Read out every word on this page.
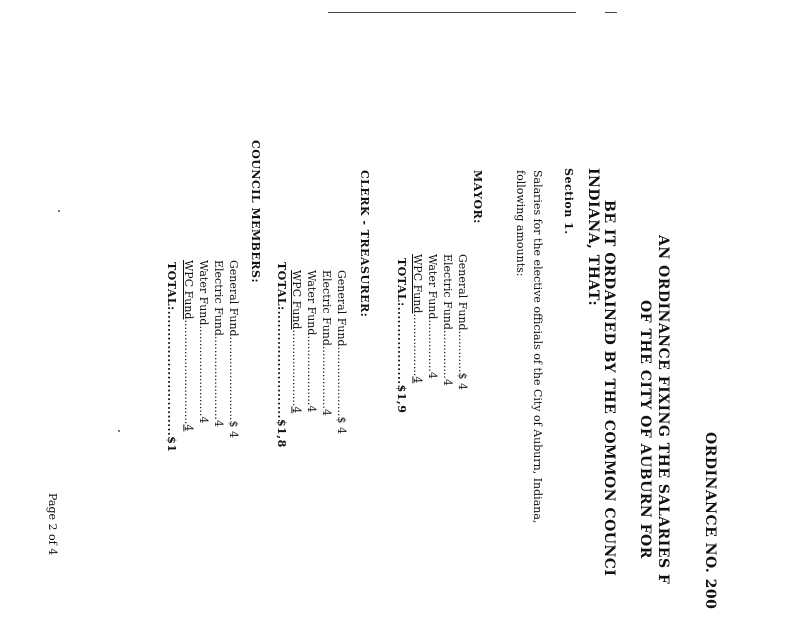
ORDINANCE NO. 200
AN ORDINANCE FIXING THE SALARIES F
OF THE CITY OF AUBURN FOR
BE IT ORDAINED BY THE COMMON COUNCI
INDIANA, THAT:
Section 1.
Salaries for the elective officials of the City of Auburn, Indiana,
following amounts:
MAYOR:
General Fund............$ 4
Electric Fund..............4
Water Fund...............4
WPC Fund..................4
TOTAL:..................$1,9
CLERK - TREASURER:
General Fund....................$ 4
Electric Fund..................4
Water Fund....................4
WPC Fund......................4
TOTAL:.........................$1,8
COUNCIL MEMBERS:
General Fund........................$ 4
Electric Fund........................4
Water Fund..........................4
WPC Fund..............................4
TOTAL:.............................$1
Page 2 of 4
